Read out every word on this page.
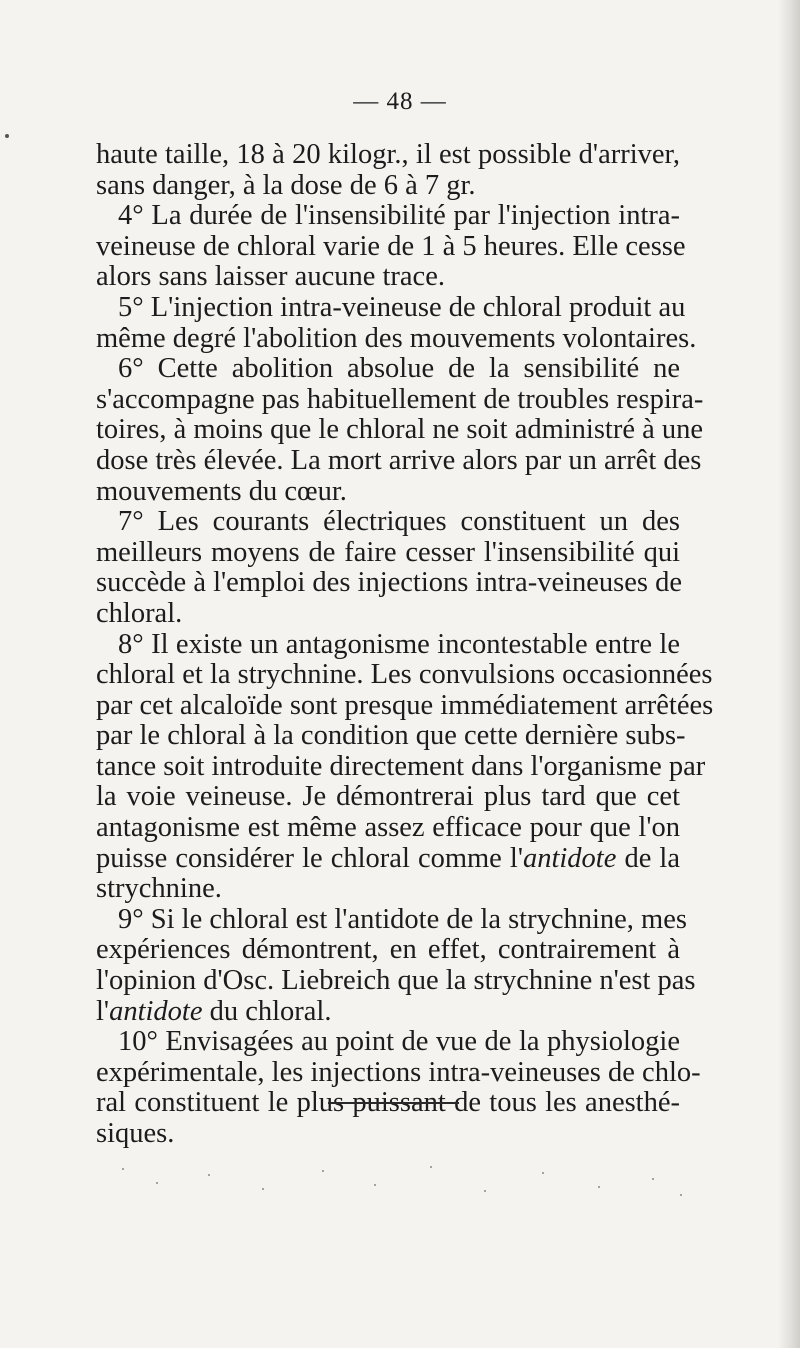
— 48 —
haute taille, 18 à 20 kilogr., il est possible d'arriver,
sans danger, à la dose de 6 à 7 gr.
4° La durée de l'insensibilité par l'injection intra-
veineuse de chloral varie de 1 à 5 heures. Elle cesse
alors sans laisser aucune trace.
5° L'injection intra-veineuse de chloral produit au
même degré l'abolition des mouvements volontaires.
6° Cette abolition absolue de la sensibilité ne
s'accompagne pas habituellement de troubles respira-
toires, à moins que le chloral ne soit administré à une
dose très élevée. La mort arrive alors par un arrêt des
mouvements du cœur.
7° Les courants électriques constituent un des
meilleurs moyens de faire cesser l'insensibilité qui
succède à l'emploi des injections intra-veineuses de
chloral.
8° Il existe un antagonisme incontestable entre le
chloral et la strychnine. Les convulsions occasionnées
par cet alcaloïde sont presque immédiatement arrêtées
par le chloral à la condition que cette dernière subs-
tance soit introduite directement dans l'organisme par
la voie veineuse. Je démontrerai plus tard que cet
antagonisme est même assez efficace pour que l'on
puisse considérer le chloral comme l'antidote de la
strychnine.
9° Si le chloral est l'antidote de la strychnine, mes
expériences démontrent, en effet, contrairement à
l'opinion d'Osc. Liebreich que la strychnine n'est pas
l'antidote du chloral.
10° Envisagées au point de vue de la physiologie
expérimentale, les injections intra-veineuses de chlo-
ral constituent le plus puissant de tous les anesthé-
siques.
